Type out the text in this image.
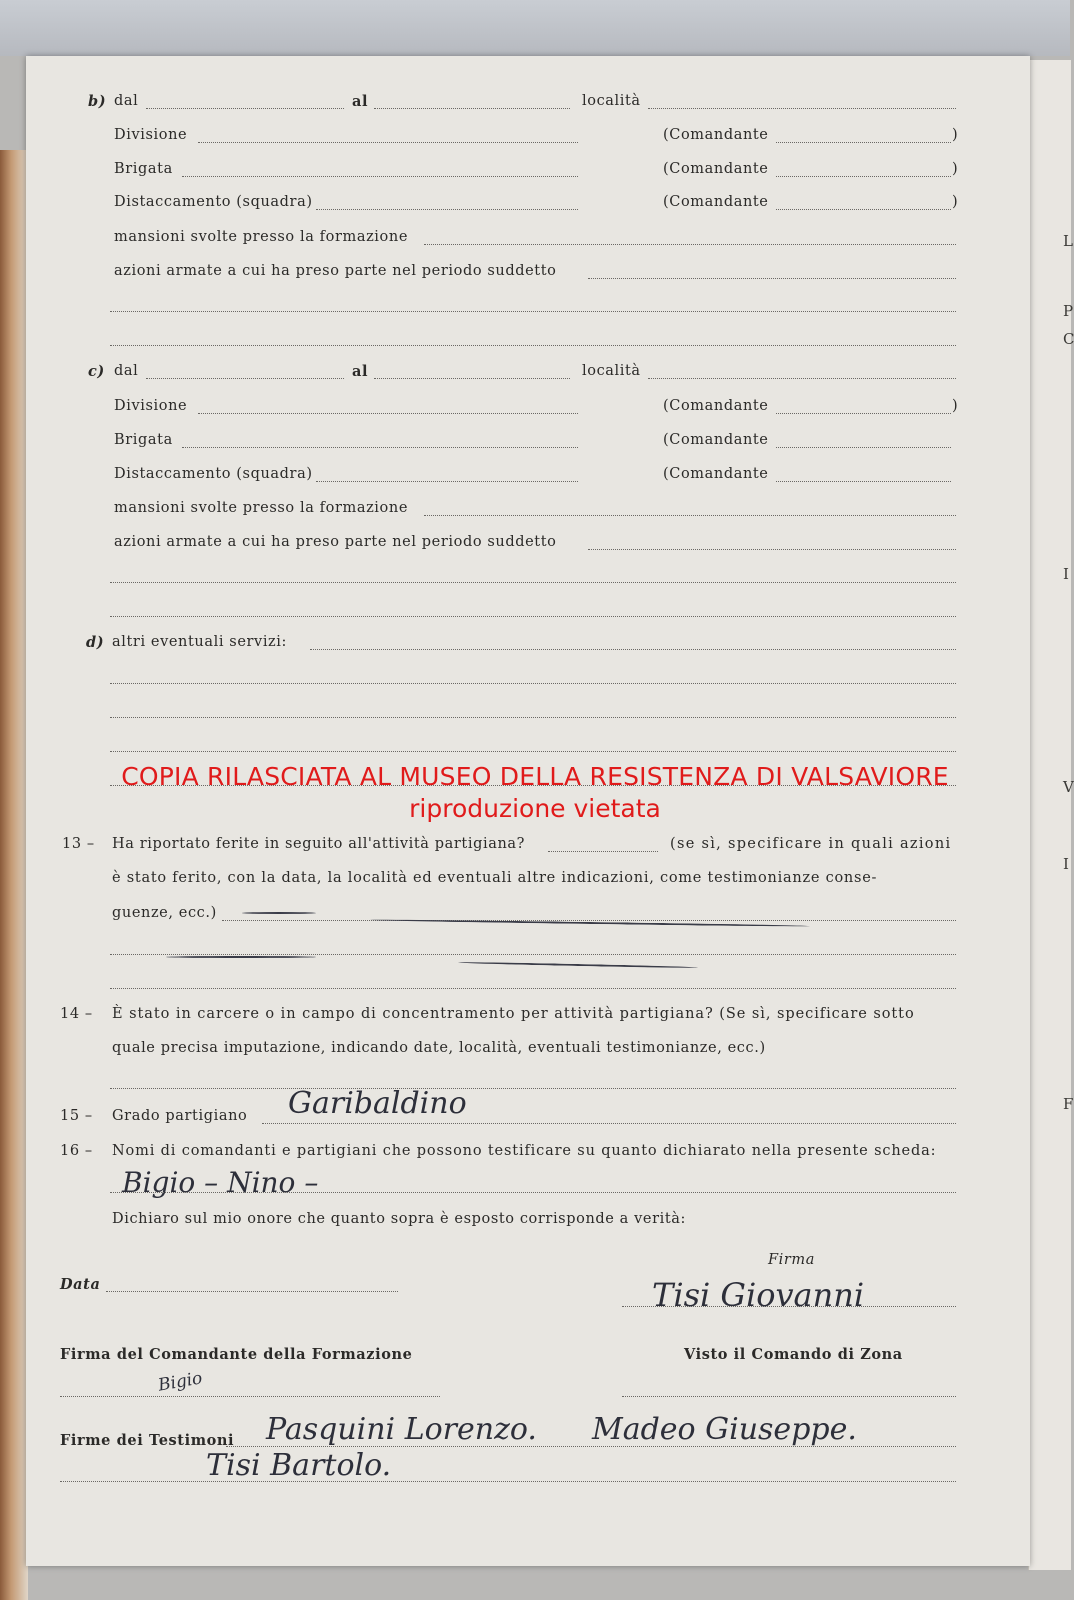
L
P
C
I
V
I
F
b) dal	al	località
Divisione	(Comandante	)
Brigata	(Comandante	)
Distaccamento (squadra)	(Comandante	)
mansioni svolte presso la formazione
azioni armate a cui ha preso parte nel periodo suddetto
c) dal	al	località
Divisione	(Comandante	)
Brigata	(Comandante
Distaccamento (squadra)	(Comandante
mansioni svolte presso la formazione
azioni armate a cui ha preso parte nel periodo suddetto
d) altri eventuali servizi:
13 – Ha riportato ferite in seguito all'attività partigiana?	(se sì, specificare in quali azioni
è stato ferito, con la data, la località ed eventuali altre indicazioni, come testimonianze conse-
guenze, ecc.)
14 – È stato in carcere o in campo di concentramento per attività partigiana? (Se sì, specificare sotto
quale precisa imputazione, indicando date, località, eventuali testimonianze, ecc.)
15 – Grado partigiano Garibaldino
16 – Nomi di comandanti e partigiani che possono testificare su quanto dichiarato nella presente scheda:
Bigio – Nino –
Dichiaro sul mio onore che quanto sopra è esposto corrisponde a verità:
Firma
Data	Tisi Giovanni
Firma del Comandante della Formazione	Visto il Comando di Zona
Bigio
Firme dei Testimoni Pasquini Lorenzo. Madeo Giuseppe.
Tisi Bartolo.
COPIA RILASCIATA AL MUSEO DELLA RESISTENZA DI VALSAVIORE
riproduzione vietata
